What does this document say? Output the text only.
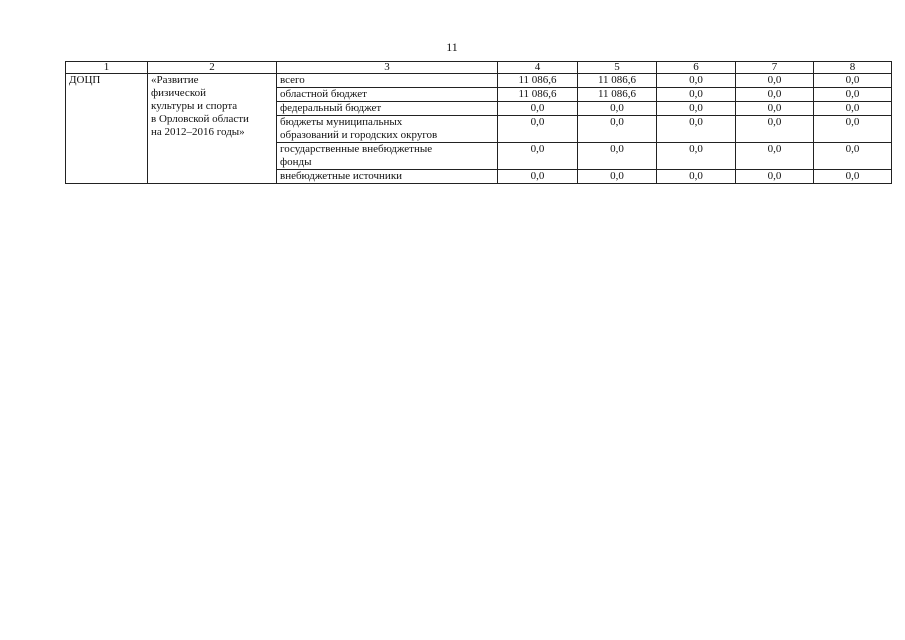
11
1	2	3	4	5	6	7	8
ДОЦП	«Развитие
физической
культуры и спорта
в Орловской области
на 2012–2016 годы»	всего	11 086,6	11 086,6	0,0	0,0	0,0
		областной бюджет	11 086,6	11 086,6	0,0	0,0	0,0
		федеральный бюджет	0,0	0,0	0,0	0,0	0,0

		бюджеты муниципальных
образований и городских округов	0,0	0,0	0,0	0,0	0,0

		государственные внебюджетные
фонды	0,0	0,0	0,0	0,0	0,0
		внебюджетные источники	0,0	0,0	0,0	0,0	0,0
